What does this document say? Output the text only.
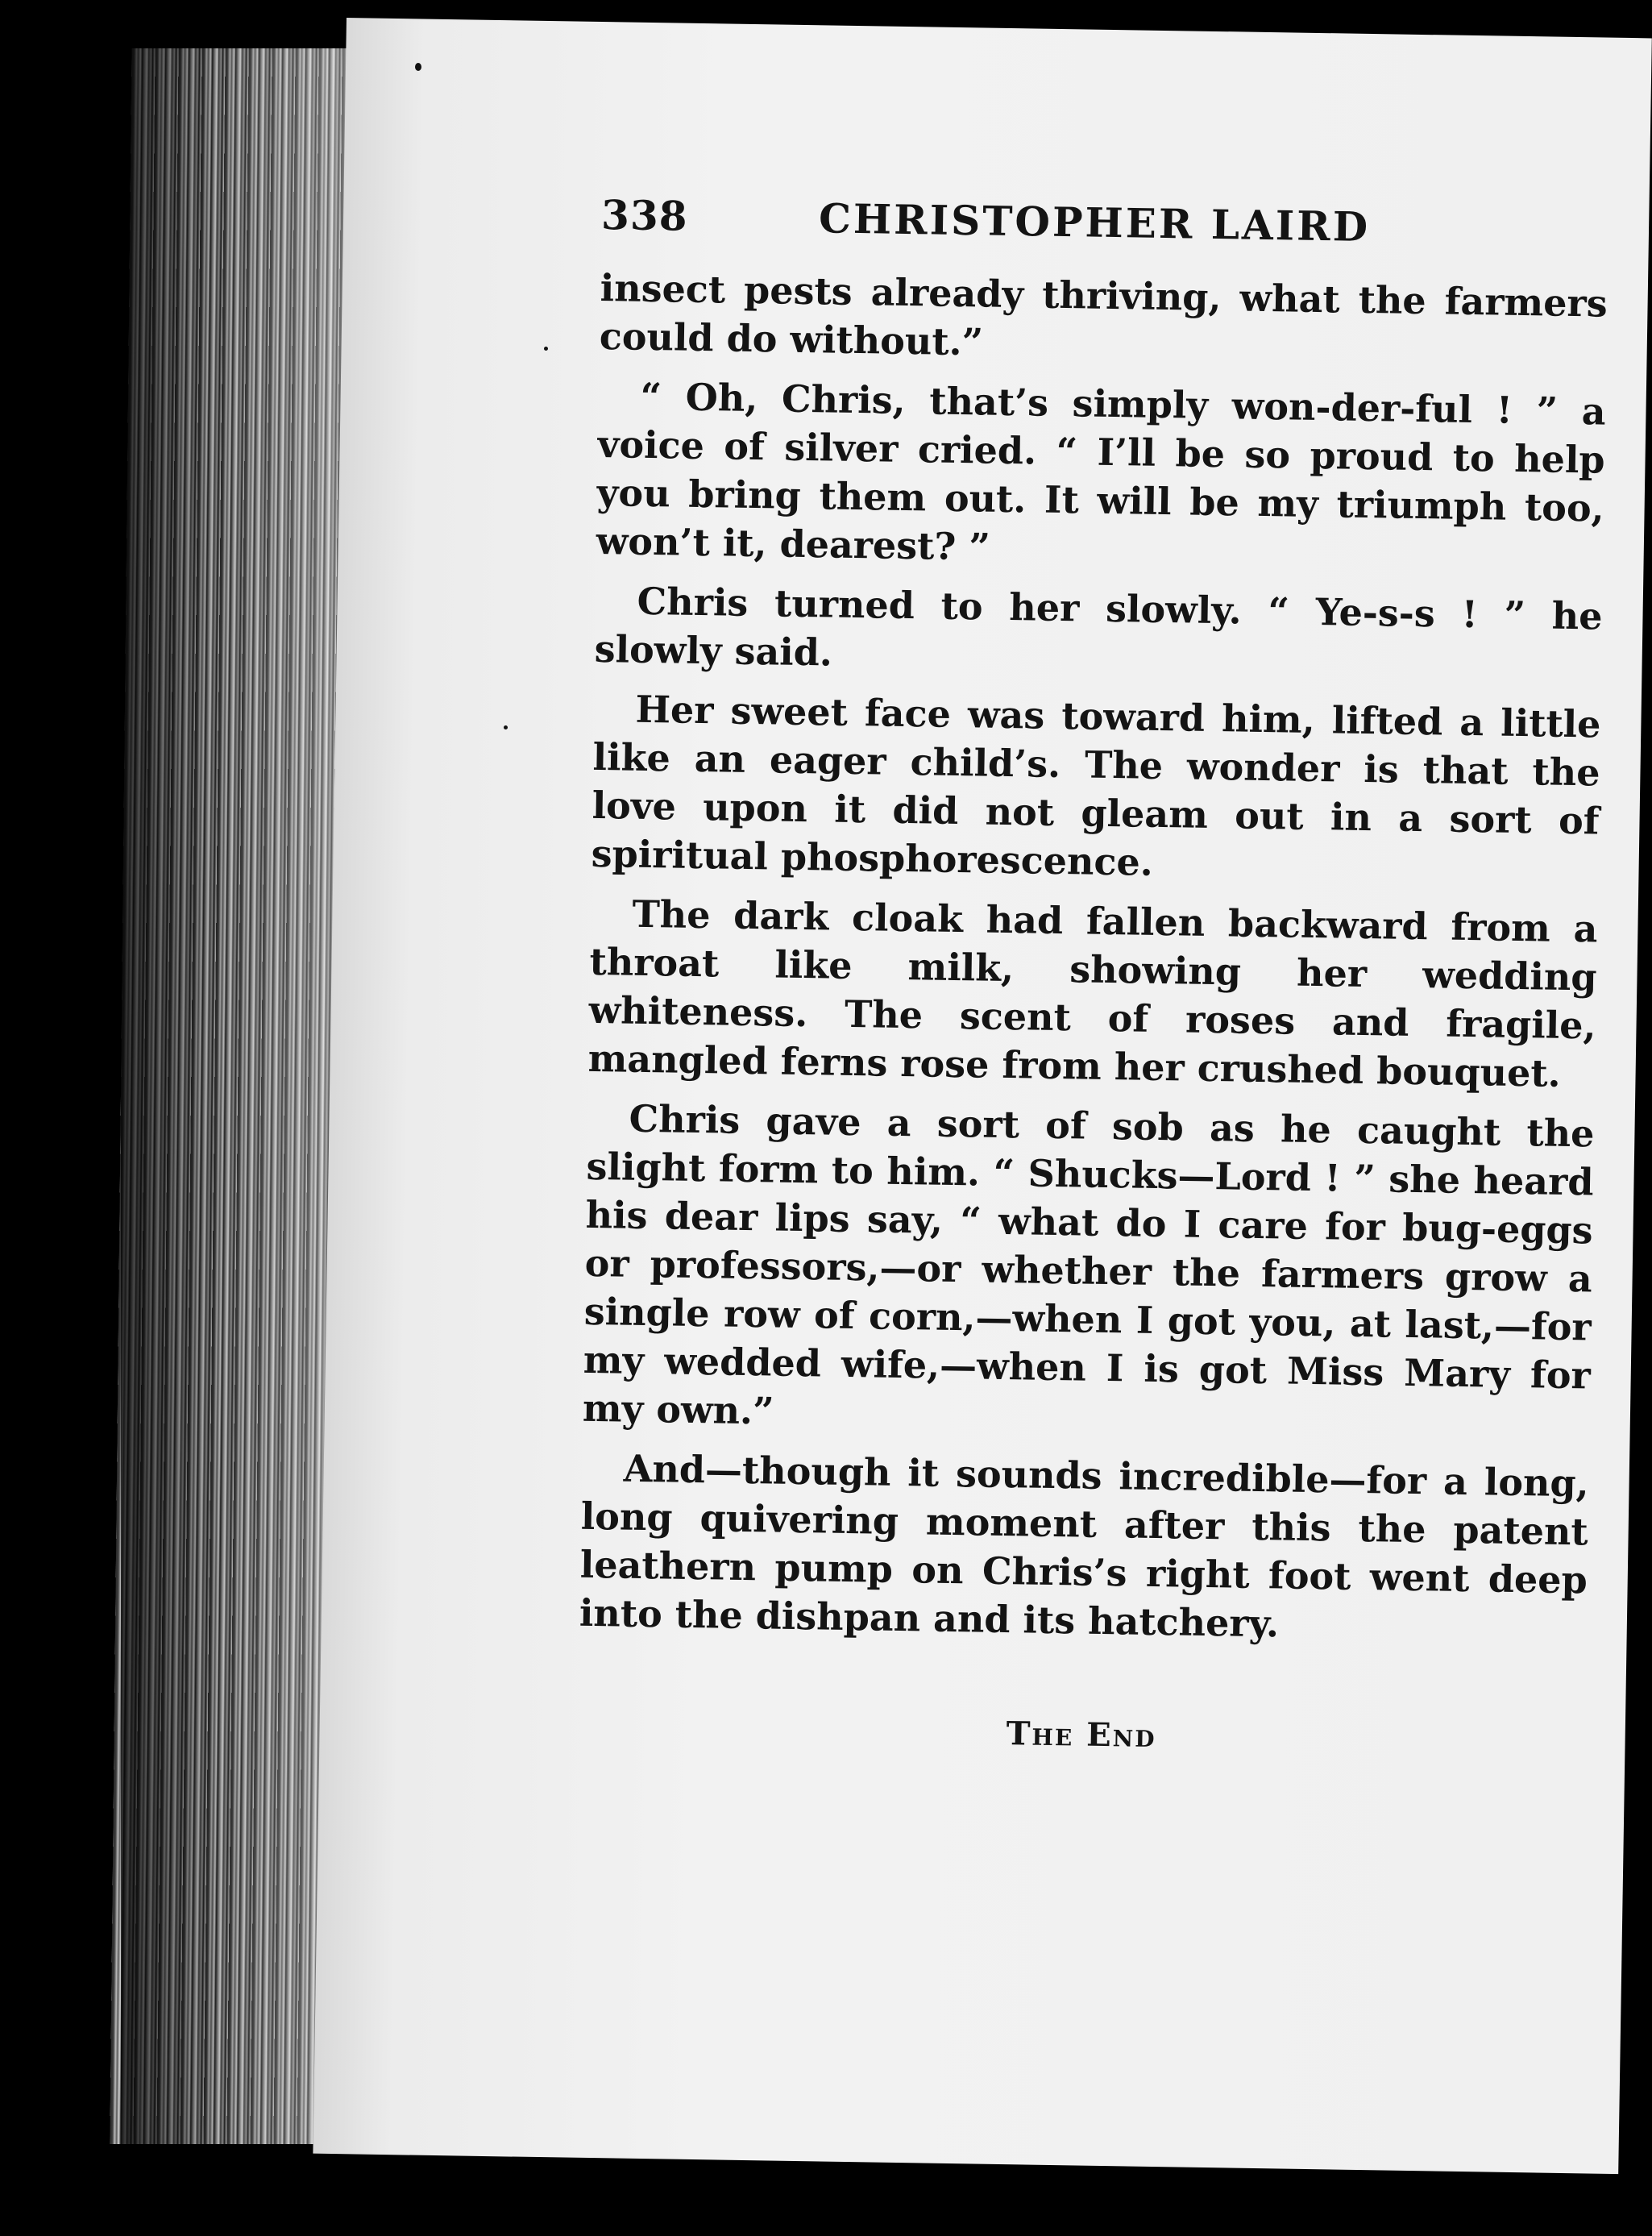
338	CHRISTOPHER LAIRD

insect pests already thriving, what the farmers could do without.”

“ Oh, Chris, that’s simply won-der-ful ! ” a voice of silver cried. “ I’ll be so proud to help you bring them out. It will be my triumph too, won’t it, dearest? ”

Chris turned to her slowly. “ Ye-s-s ! ” he slowly said.

Her sweet face was toward him, lifted a little like an eager child’s. The wonder is that the love upon it did not gleam out in a sort of spiritual phosphorescence.

The dark cloak had fallen backward from a throat like milk, showing her wedding whiteness. The scent of roses and fragile, mangled ferns rose from her crushed bouquet.

Chris gave a sort of sob as he caught the slight form to him. “ Shucks—Lord ! ” she heard his dear lips say, “ what do I care for bug-eggs or professors,—or whether the farmers grow a single row of corn,—when I got you, at last,—for my wedded wife,—when I is got Miss Mary for my own.”

And—though it sounds incredible—for a long, long quivering moment after this the patent leathern pump on Chris’s right foot went deep into the dishpan and its hatchery.

The End
